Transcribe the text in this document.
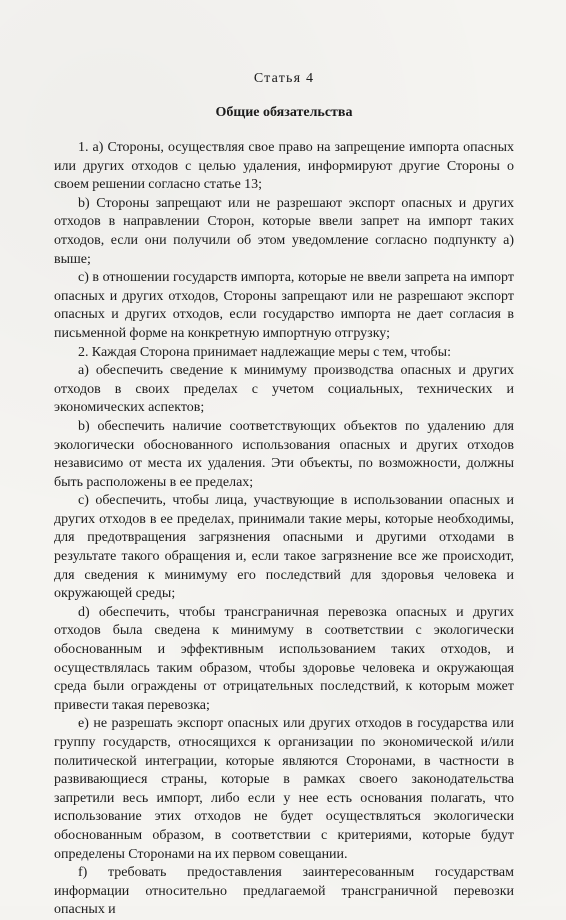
Статья 4
Общие обязательства

1. a) Стороны, осуществляя свое право на запрещение импорта опасных или других отходов с целью удаления, информируют другие Стороны о своем решении согласно статье 13;

b) Стороны запрещают или не разрешают экспорт опасных и других отходов в направлении Сторон, которые ввели запрет на импорт таких отходов, если они получили об этом уведомление согласно подпункту a) выше;

c) в отношении государств импорта, которые не ввели запрета на импорт опасных и других отходов, Стороны запрещают или не разрешают экспорт опасных и других отходов, если государство импорта не дает согласия в письменной форме на конкретную импортную отгрузку;

2. Каждая Сторона принимает надлежащие меры с тем, чтобы:

a) обеспечить сведение к минимуму производства опасных и других отходов в своих пределах с учетом социальных, технических и экономических аспектов;

b) обеспечить наличие соответствующих объектов по удалению для экологически обоснованного использования опасных и других отходов независимо от места их удаления. Эти объекты, по возможности, должны быть расположены в ее пределах;

c) обеспечить, чтобы лица, участвующие в использовании опасных и других отходов в ее пределах, принимали такие меры, которые необходимы, для предотвращения загрязнения опасными и другими отходами в результате такого обращения и, если такое загрязнение все же происходит, для сведения к минимуму его последствий для здоровья человека и окружающей среды;

d) обеспечить, чтобы трансграничная перевозка опасных и других отходов была сведена к минимуму в соответствии с экологически обоснованным и эффективным использованием таких отходов, и осуществлялась таким образом, чтобы здоровье человека и окружающая среда были ограждены от отрицательных последствий, к которым может привести такая перевозка;

e) не разрешать экспорт опасных или других отходов в государства или группу государств, относящихся к организации по экономической и/или политической интеграции, которые являются Сторонами, в частности в развивающиеся страны, которые в рамках своего законодательства запретили весь импорт, либо если у нее есть основания полагать, что использование этих отходов не будет осуществляться экологически обоснованным образом, в соответствии с критериями, которые будут определены Сторонами на их первом совещании.

f) требовать предоставления заинтересованным государствам информации относительно предлагаемой трансграничной перевозки опасных и
